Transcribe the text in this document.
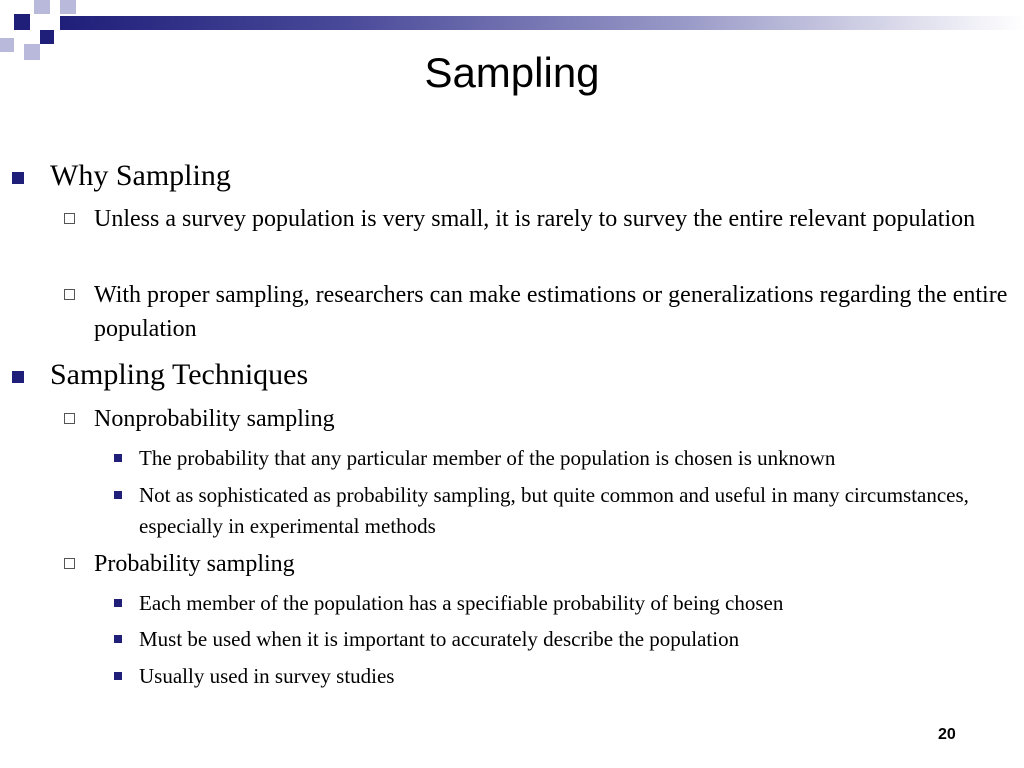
Sampling
Why Sampling
Unless a survey population is very small, it is rarely to survey the entire relevant population
With proper sampling, researchers can make estimations or generalizations regarding the entire population
Sampling Techniques
Nonprobability sampling
The probability that any particular member of the population is chosen is unknown
Not as sophisticated as probability sampling, but quite common and useful in many circumstances, especially in experimental methods
Probability sampling
Each member of the population has a specifiable probability of being chosen
Must be used when it is important to accurately describe the population
Usually used in survey studies
20
